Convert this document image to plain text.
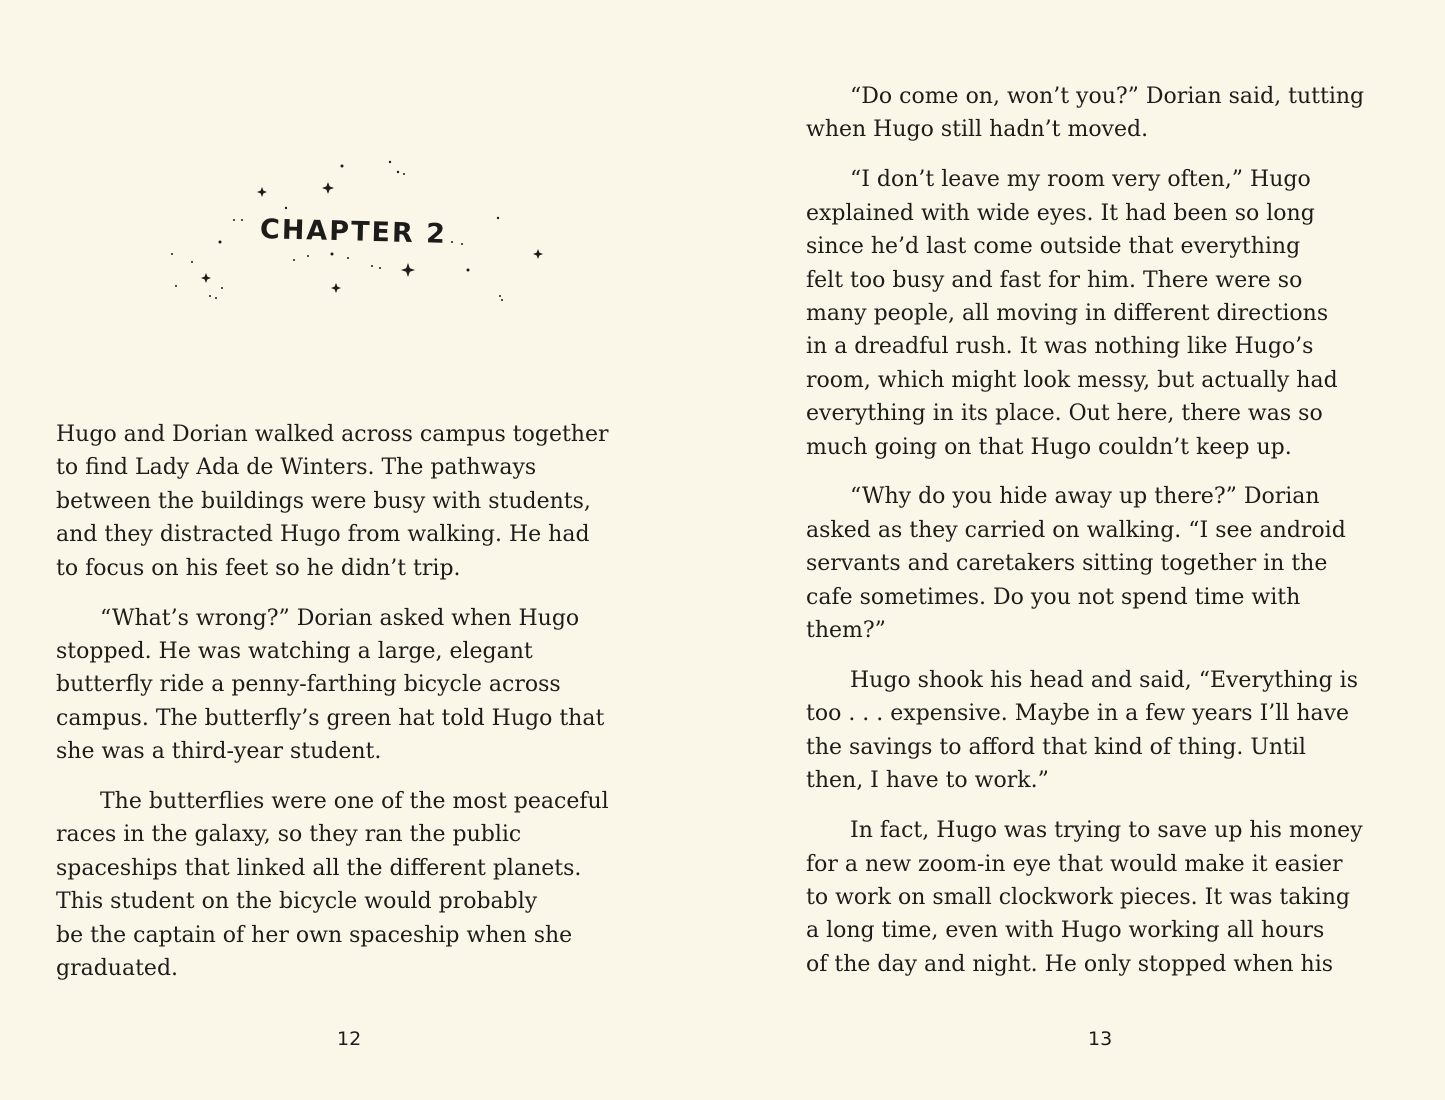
CHAPTER 2

Hugo and Dorian walked across campus together
to find Lady Ada de Winters. The pathways
between the buildings were busy with students,
and they distracted Hugo from walking. He had
to focus on his feet so he didn’t trip.

“What’s wrong?” Dorian asked when Hugo
stopped. He was watching a large, elegant
butterfly ride a penny-farthing bicycle across
campus. The butterfly’s green hat told Hugo that
she was a third-year student.

The butterflies were one of the most peaceful
races in the galaxy, so they ran the public
spaceships that linked all the different planets.
This student on the bicycle would probably
be the captain of her own spaceship when she
graduated.

12

“Do come on, won’t you?” Dorian said, tutting
when Hugo still hadn’t moved.

“I don’t leave my room very often,” Hugo
explained with wide eyes. It had been so long
since he’d last come outside that everything
felt too busy and fast for him. There were so
many people, all moving in different directions
in a dreadful rush. It was nothing like Hugo’s
room, which might look messy, but actually had
everything in its place. Out here, there was so
much going on that Hugo couldn’t keep up.

“Why do you hide away up there?” Dorian
asked as they carried on walking. “I see android
servants and caretakers sitting together in the
cafe sometimes. Do you not spend time with
them?”

Hugo shook his head and said, “Everything is
too . . . expensive. Maybe in a few years I’ll have
the savings to afford that kind of thing. Until
then, I have to work.”

In fact, Hugo was trying to save up his money
for a new zoom-in eye that would make it easier
to work on small clockwork pieces. It was taking
a long time, even with Hugo working all hours
of the day and night. He only stopped when his

13
